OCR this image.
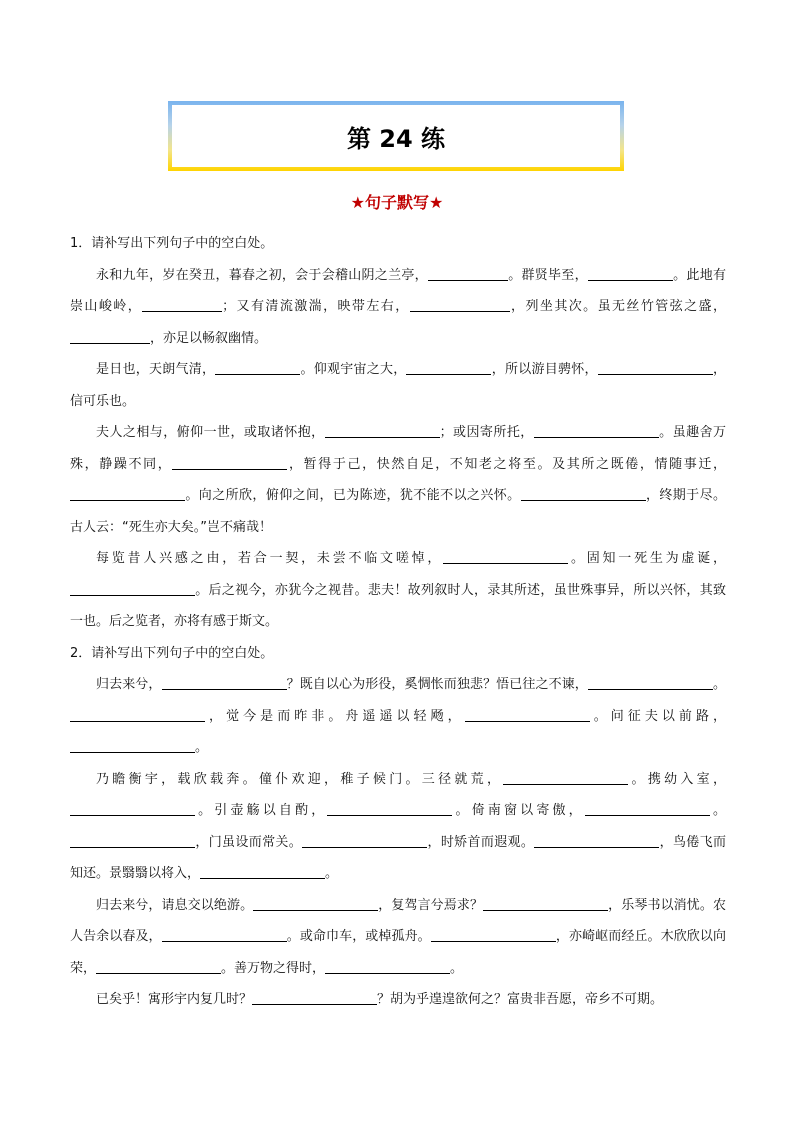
第 24 练
★句子默写★

1．请补写出下列句子中的空白处。

永和九年，岁在癸丑，暮春之初，会于会稽山阴之兰亭，	。群贤毕至，	。此地有崇山峻岭，	；又有清流激湍，映带左右，	，列坐其次。虽无丝竹管弦之盛，，亦足以畅叙幽情。

是日也，天朗气清，	。仰观宇宙之大，	，所以游目骋怀，	，信可乐也。

夫人之相与，俯仰一世，或取诸怀抱，	；或因寄所托，	。虽趣舍万殊，静躁不同，	，暂得于己，快然自足，不知老之将至。及其所之既倦，情随事迁，。向之所欣，俯仰之间，已为陈迹，犹不能不以之兴怀。	，终期于尽。古人云：“死生亦大矣。”岂不痛哉！

每览昔人兴感之由，若合一契，未尝不临文嗟悼，	。固知一死生为虚诞，。后之视今，亦犹今之视昔。悲夫！故列叙时人，录其所述，虽世殊事异，所以兴怀，其致一也。后之览者，亦将有感于斯文。

2．请补写出下列句子中的空白处。

归去来兮，	？既自以心为形役，奚惆怅而独悲？悟已往之不谏，	。，觉今是而昨非。舟遥遥以轻飏，	。问征夫以前路，。

乃瞻衡宇，载欣载奔。僮仆欢迎，稚子候门。三径就荒，	。携幼入室，。引壶觞以自酌，	。倚南窗以寄傲，	。，门虽设而常关。	，时矫首而遐观。	，鸟倦飞而知还。景翳翳以将入，	。

归去来兮，请息交以绝游。	，复驾言兮焉求？	，乐琴书以消忧。农人告余以春及，	。或命巾车，或棹孤舟。	，亦崎岖而经丘。木欣欣以向荣，	。善万物之得时，	。

已矣乎！寓形宇内复几时？	？胡为乎遑遑欲何之？富贵非吾愿，帝乡不可期。
